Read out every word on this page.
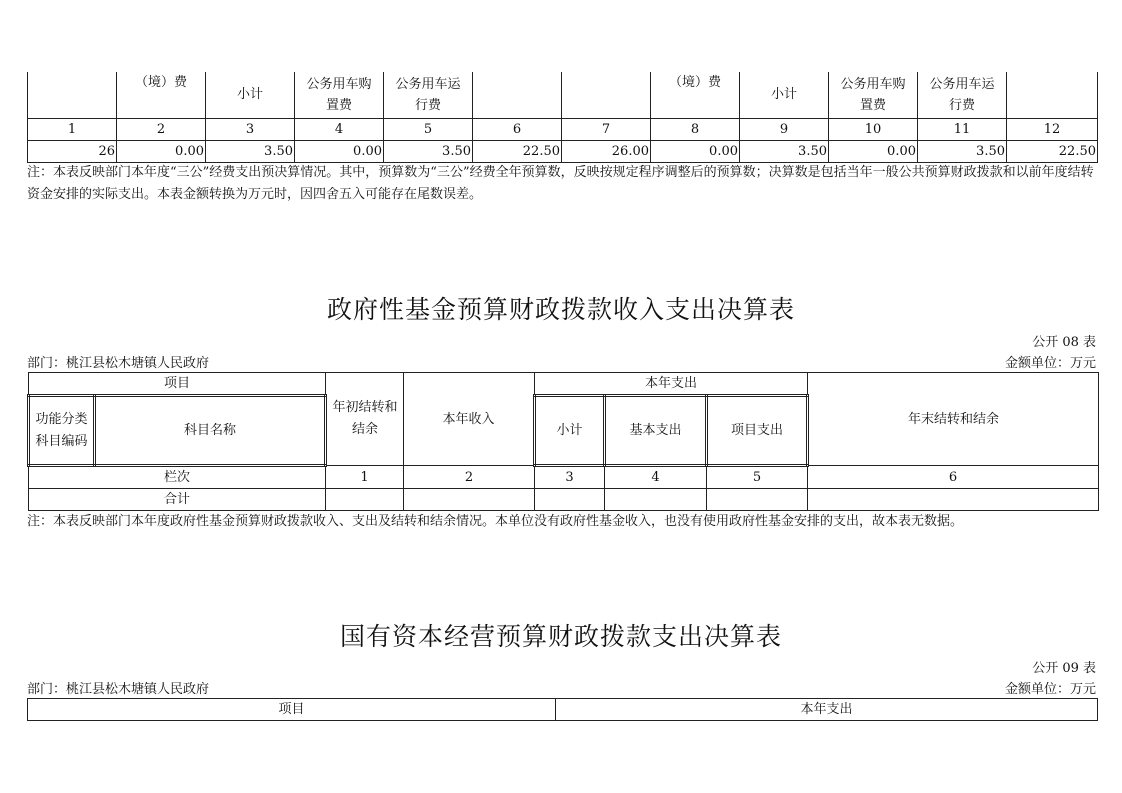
	（境）费	小计	公务用车购置费	公务用车运行费			（境）费	小计	公务用车购置费	公务用车运行费	
1	2	3	4	5	6	7	8	9	10	11	12
26	0.00	3.50	0.00	3.50	22.50	26.00	0.00	3.50	0.00	3.50	22.50
注：本表反映部门本年度“三公”经费支出预决算情况。其中，预算数为“三公”经费全年预算数，反映按规定程序调整后的预算数；决算数是包括当年一般公共预算财政拨款和以前年度结转资金安排的实际支出。本表金额转换为万元时，因四舍五入可能存在尾数误差。
政府性基金预算财政拨款收入支出决算表
公开 08 表
部门：桃江县松木塘镇人民政府	金额单位：万元
项目		年初结转和结余	本年收入	本年支出			年末结转和结余
功能分类科目编码	科目名称			小计	基本支出	项目支出	
栏次		1	2	3	4	5	6
合计							
注：本表反映部门本年度政府性基金预算财政拨款收入、支出及结转和结余情况。本单位没有政府性基金收入，也没有使用政府性基金安排的支出，故本表无数据。
国有资本经营预算财政拨款支出决算表
公开 09 表
部门：桃江县松木塘镇人民政府	金额单位：万元
项目	本年支出
